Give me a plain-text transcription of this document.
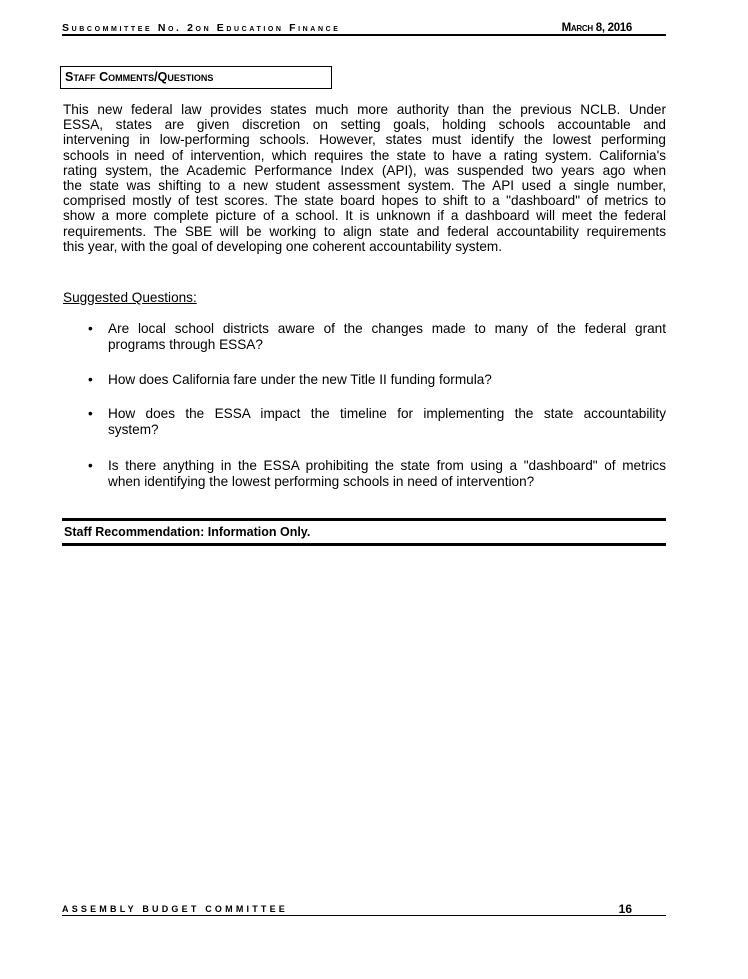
Subcommittee No. 2on Education Finance	March 8, 2016
Staff Comments/Questions
This new federal law provides states much more authority than the previous NCLB. Under
ESSA, states are given discretion on setting goals, holding schools accountable and
intervening in low-performing schools. However, states must identify the lowest performing
schools in need of intervention, which requires the state to have a rating system. California's
rating system, the Academic Performance Index (API), was suspended two years ago when
the state was shifting to a new student assessment system. The API used a single number,
comprised mostly of test scores. The state board hopes to shift to a "dashboard" of metrics to
show a more complete picture of a school. It is unknown if a dashboard will meet the federal
requirements. The SBE will be working to align state and federal accountability requirements
this year, with the goal of developing one coherent accountability system.
Suggested Questions:
• Are local school districts aware of the changes made to many of the federal grant
programs through ESSA?
• How does California fare under the new Title II funding formula?
• How does the ESSA impact the timeline for implementing the state accountability
system?
• Is there anything in the ESSA prohibiting the state from using a "dashboard" of metrics
when identifying the lowest performing schools in need of intervention?
Staff Recommendation: Information Only.
ASSEMBLY BUDGET COMMITTEE	16
